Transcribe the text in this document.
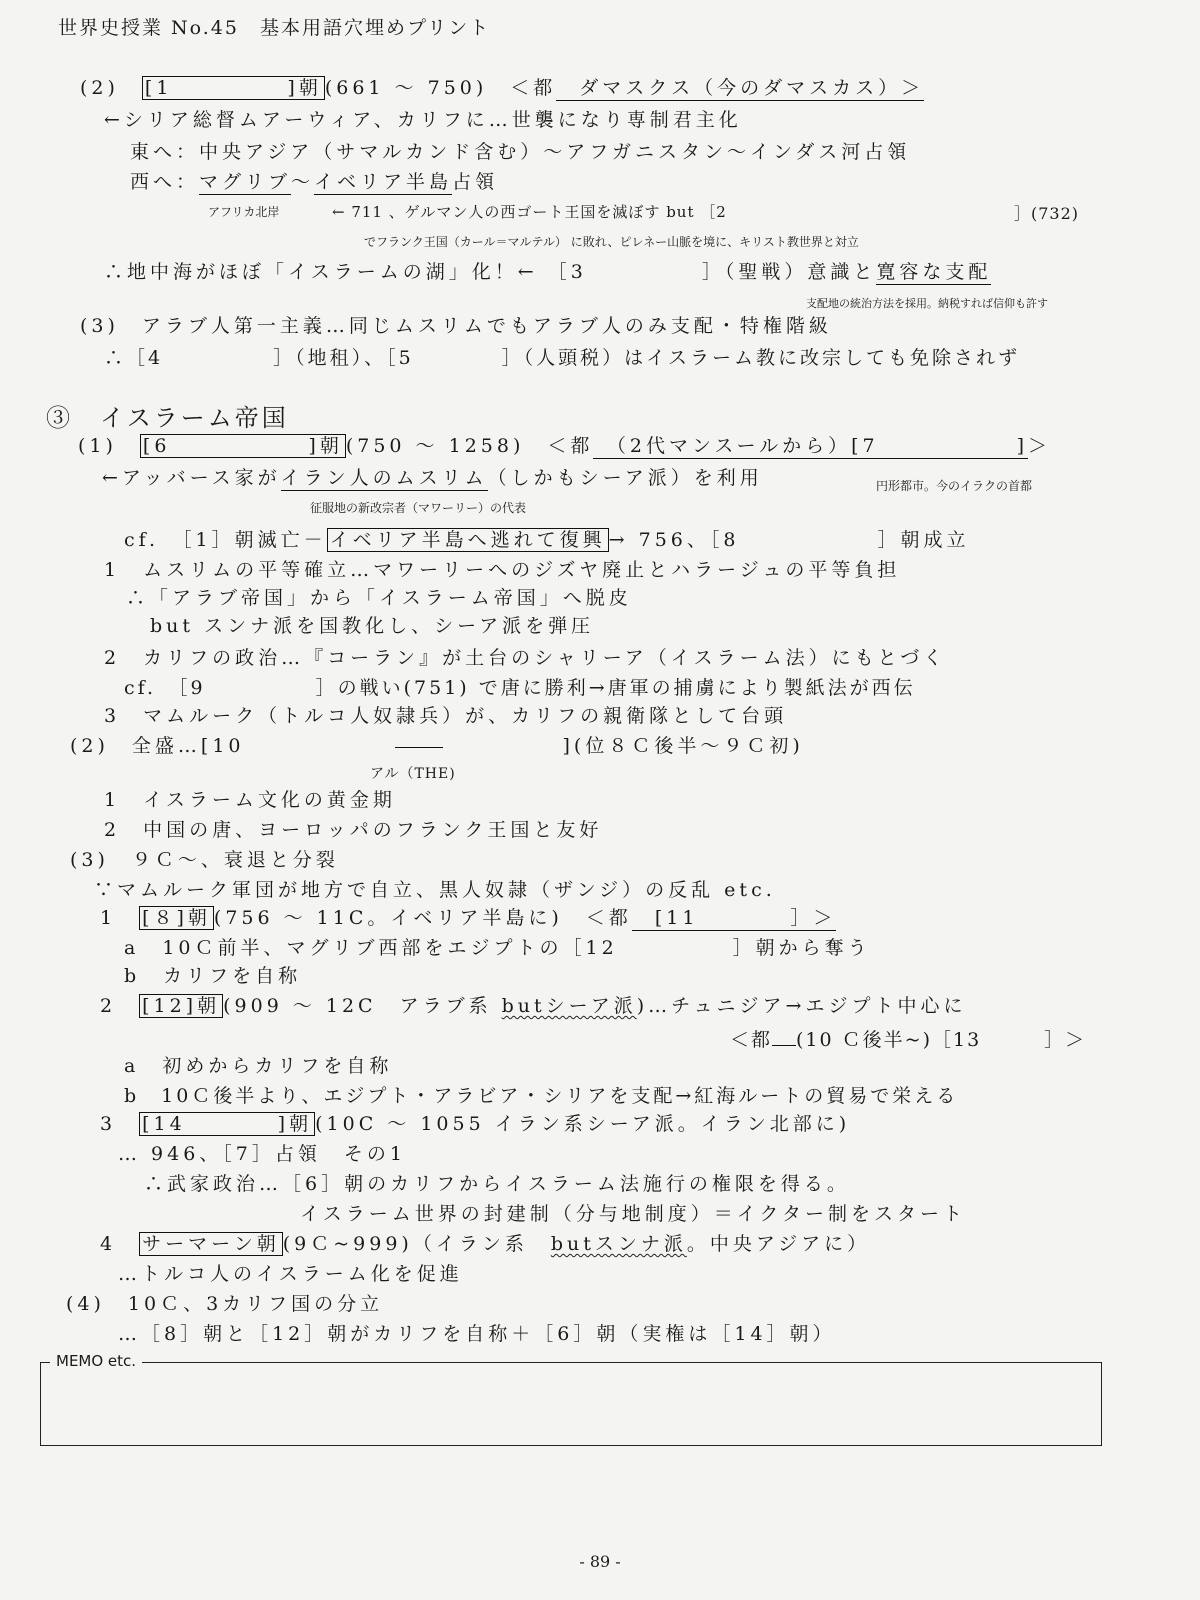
世界史授業 No.45　基本用語穴埋めプリント
(2)　[1　　　　　]朝 (661 ～ 750)　＜都　ダマスクス（今のダマスカス）＞
←シリア総督ムアーウィア、カリフに…世襲になり専制君主化
東へ：中央アジア（サマルカンド含む）～アフガニスタン～インダス河占領
西へ：マグリブ～イベリア半島占領
アフリカ北岸	← 711 、ゲルマン人の西ゴート王国を滅ぼす but ［2	］(732)
でフランク王国（カール＝マルテル） に敗れ、ピレネー山脈を境に、キリスト教世界と対立
∴地中海がほぼ「イスラームの湖」化！← ［3　　　　　］（聖戦）意識と寛容な支配
支配地の統治方法を採用。納税すれば信仰も許す
(3)　アラブ人第一主義…同じムスリムでもアラブ人のみ支配・特権階級
∴［4　　　　　］（地租）、［5　　　　］（人頭税）はイスラーム教に改宗しても免除されず
③　イスラーム帝国
(1)　[6　　　　　　]朝 (750 ～ 1258)　＜都　（2代マンスールから）[7　　　　　　]＞
←アッバース家がイラン人のムスリム（しかもシーア派）を利用	円形都市。今のイラクの首都
征服地の新改宗者（マワーリー）の代表
cf.　［1］朝滅亡－ イベリア半島へ逃れて復興 → 756、［8　　　　　　］朝成立
1　ムスリムの平等確立…マワーリーへのジズヤ廃止とハラージュの平等負担
∴「アラブ帝国」から「イスラーム帝国」へ脱皮
but スンナ派を国教化し、シーア派を弾圧
2　カリフの政治…『コーラン』が土台のシャリーア（イスラーム法）にもとづく
cf.　［9　　　　　］の戦い(751) で唐に勝利→唐軍の捕虜により製紙法が西伝
3　マムルーク（トルコ人奴隷兵）が、カリフの親衛隊として台頭
(2)　全盛…[10	](位８Ｃ後半～９Ｃ初)
アル（THE)
1　イスラーム文化の黄金期
2　中国の唐、ヨーロッパのフランク王国と友好
(3)　９Ｃ～、衰退と分裂
∵マムルーク軍団が地方で自立、黒人奴隷（ザンジ）の反乱 etc.
1　[８]朝 (756 ～ 11C。イベリア半島に)　＜都　[11　　　　］＞
a　10Ｃ前半、マグリブ西部をエジプトの［12　　　　　］朝から奪う
b　カリフを自称
2　[12]朝 (909 ～ 12C　アラブ系 butシーア派)…チュニジア→エジプト中心に
＜都 (10 Ｃ後半~)［13　　　］＞
a　初めからカリフを自称
b　10Ｃ後半より、エジプト・アラビア・シリアを支配→紅海ルートの貿易で栄える
3　[14　　　　]朝 (10C ～ 1055 イラン系シーア派。イラン北部に)
… 946、［7］占領　その1
∴武家政治…［6］朝のカリフからイスラーム法施行の権限を得る。
イスラーム世界の封建制（分与地制度）＝イクター制をスタート
4　サーマーン朝 (9Ｃ~999)（イラン系　butスンナ派。中央アジアに）
…トルコ人のイスラーム化を促進
(4)　10Ｃ、3カリフ国の分立
…［8］朝と［12］朝がカリフを自称＋［6］朝（実権は［14］朝）
MEMO etc.
- 89 -
